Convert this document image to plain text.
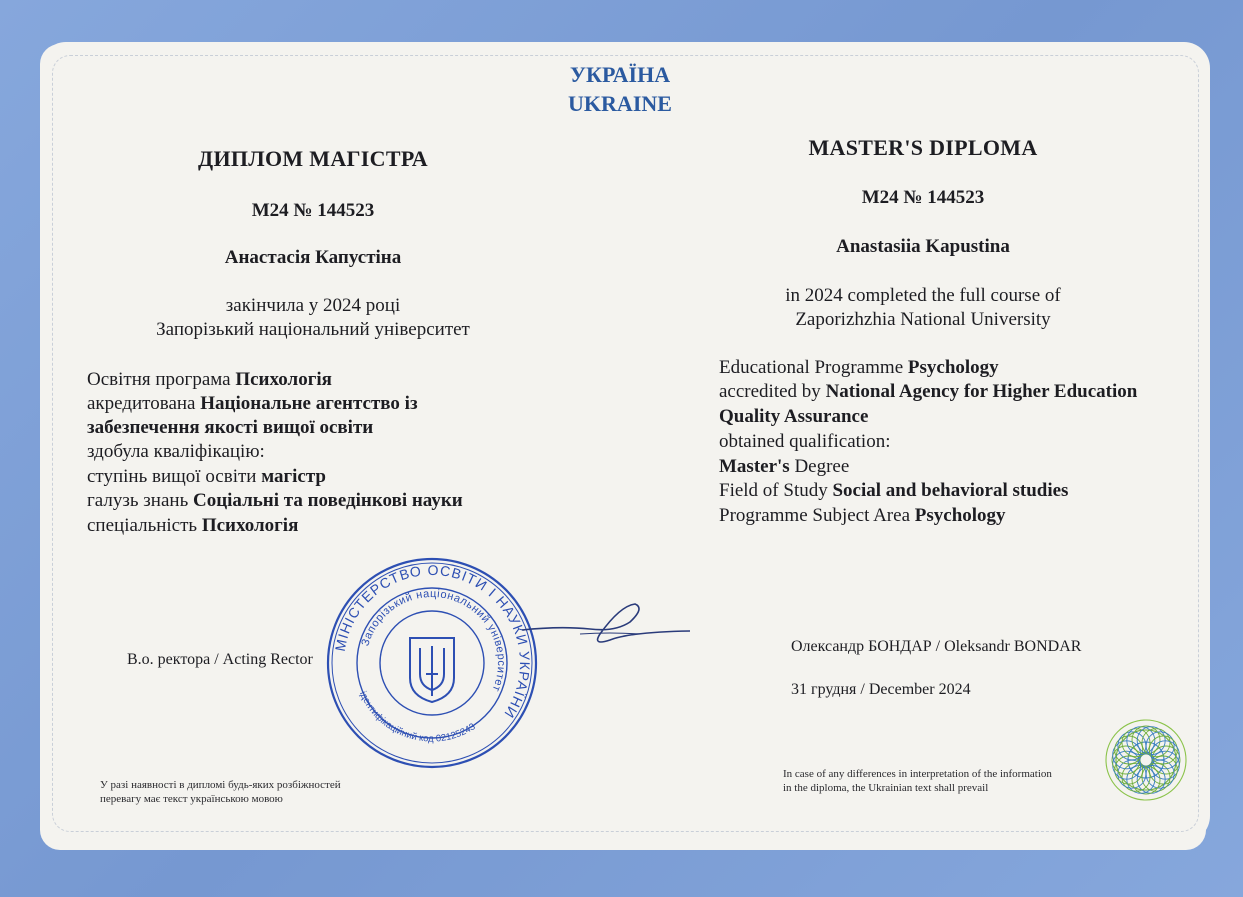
УКРАЇНА
UKRAINE
ДИПЛОМ МАГІСТРА
M24 № 144523
Анастасія Капустіна
закінчила у 2024 році
Запорізький національний університет
Освітня програма Психологія
акредитована Національне агентство із
забезпечення якості вищої освіти
здобула кваліфікацію:
ступінь вищої освіти магістр
галузь знань Соціальні та поведінкові науки
спеціальність Психологія
В.о. ректора / Acting Rector
У разі наявності в дипломі будь-яких розбіжностей
перевагу має текст українською мовою
МІНІСТЕРСТВО ОСВІТИ І НАУКИ УКРАЇНИ
Запорізький національний університет
ідентифікаційний код 02125243
MASTER'S DIPLOMA
M24 № 144523
Anastasiia Kapustina
in 2024 completed the full course of
Zaporizhzhia National University
Educational Programme Psychology
accredited by National Agency for Higher Education
Quality Assurance
obtained qualification:
Master's Degree
Field of Study Social and behavioral studies
Programme Subject Area Psychology
Олександр БОНДАР / Oleksandr BONDAR
31 грудня / December 2024
In case of any differences in interpretation of the information
in the diploma, the Ukrainian text shall prevail
